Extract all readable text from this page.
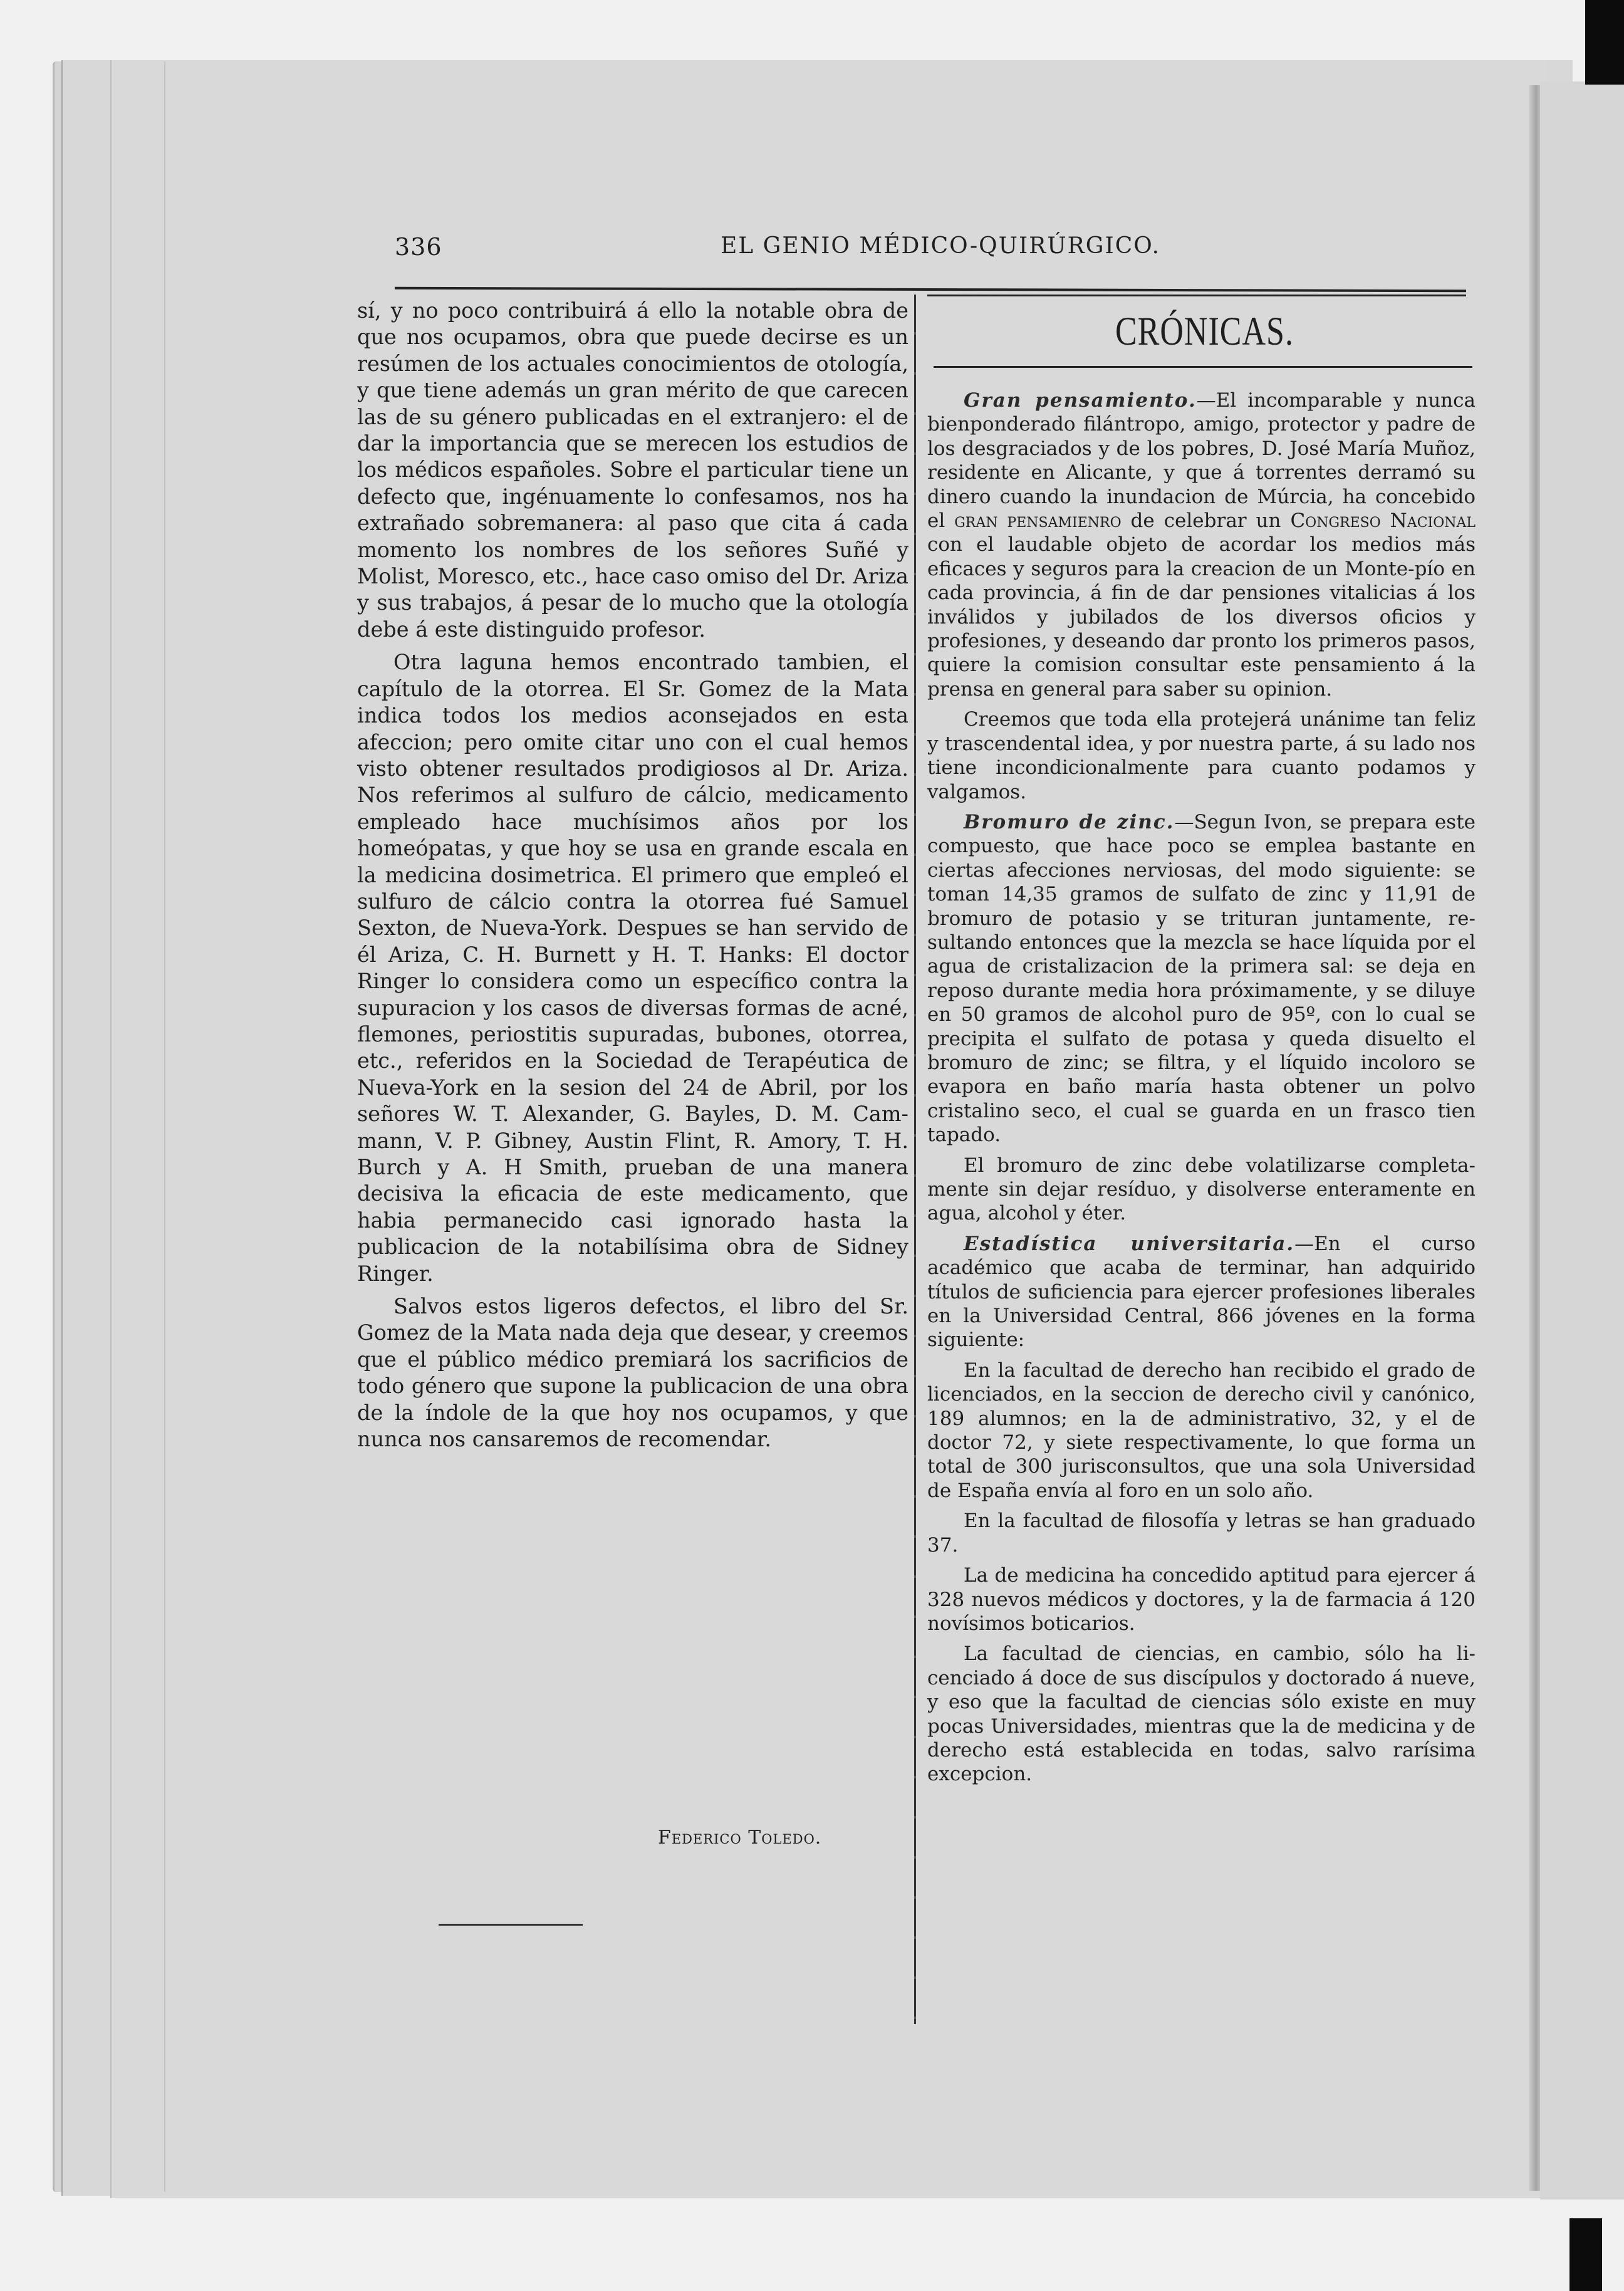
336	EL GENIO MÉDICO-QUIRÚRGICO.

sí, y no poco contribuirá á ello la notable obra de que nos ocupamos, obra que puede decirse es un resúmen de los actuales conocimientos de otología, y que tiene además un gran mérito de que carecen las de su género publicadas en el extranjero: el de dar la importancia que se merecen los estudios de los médicos españoles. Sobre el particular tiene un defecto que, ingénuamente lo confesamos, nos ha extrañado sobremanera: al paso que cita á cada momento los nombres de los señores Suñé y Molist, Moresco, etc., hace caso omiso del Dr. Ariza y sus trabajos, á pesar de lo mucho que la otología debe á este distinguido profesor.

Otra laguna hemos encontrado tambien, el capítulo de la otorrea. El Sr. Gomez de la Mata indica todos los medios aconsejados en esta afeccion; pero omite citar uno con el cual hemos visto obtener resultados prodigiosos al Dr. Ariza. Nos referimos al sulfuro de cálcio, medicamento empleado hace muchísimos años por los homeópatas, y que hoy se usa en grande escala en la medicina dosimetrica. El primero que empleó el sulfuro de cálcio contra la otorrea fué Samuel Sexton, de Nueva-York. Despues se han servido de él Ariza, C. H. Burnett y H. T. Hanks: El doctor Ringer lo considera como un específico contra la supuracion y los casos de diversas formas de acné, flemones, periostitis supuradas, bubones, otorrea, etc., referidos en la Sociedad de Terapéutica de Nueva-York en la sesion del 24 de Abril, por los señores W. T. Alexander, G. Bayles, D. M. Cammann, V. P. Gibney, Austin Flint, R. Amory, T. H. Burch y A. H Smith, prueban de una manera decisiva la eficacia de este medicamento, que habia permanecido casi ignorado hasta la publicacion de la notabilísima obra de Sidney Ringer.

Salvos estos ligeros defectos, el libro del Sr. Gomez de la Mata nada deja que desear, y creemos que el público médico premiará los sacrificios de todo género que supone la publicacion de una obra de la índole de la que hoy nos ocupamos, y que nunca nos cansaremos de recomendar.

Federico Toledo.
CRÓNICAS.

Gran pensamiento.—El incomparable y nunca bienponderado filántropo, amigo, protector y padre de los desgraciados y de los pobres, D. José María Muñoz, residente en Alicante, y que á torrentes derramó su dinero cuando la inundacion de Múrcia, ha concebido el gran pensamienro de celebrar un Congreso Nacional con el laudable objeto de acordar los medios más eficaces y seguros para la creacion de un Monte-pío en cada provincia, á fin de dar pensiones vitalicias á los inválidos y jubilados de los diversos oficios y profesiones, y deseando dar pronto los primeros pasos, quiere la comision consultar este pensamiento á la prensa en general para saber su opinion.

Creemos que toda ella protejerá unánime tan feliz y trascendental idea, y por nuestra parte, á su lado nos tiene incondicionalmente para cuanto podamos y valgamos.

Bromuro de zinc.—Segun Ivon, se prepara este compuesto, que hace poco se emplea bastante en ciertas afecciones nerviosas, del modo siguiente: se toman 14,35 gramos de sulfato de zinc y 11,91 de bromuro de potasio y se trituran juntamente, resultando entonces que la mezcla se hace líquida por el agua de cristalizacion de la primera sal: se deja en reposo durante media hora próximamente, y se diluye en 50 gramos de alcohol puro de 95º, con lo cual se precipita el sulfato de potasa y queda disuelto el bromuro de zinc; se filtra, y el líquido incoloro se evapora en baño maría hasta obtener un polvo cristalino seco, el cual se guarda en un frasco tien tapado.

El bromuro de zinc debe volatilizarse completamente sin dejar resíduo, y disolverse enteramente en agua, alcohol y éter.

Estadística universitaria.—En el curso académico que acaba de terminar, han adquirido títulos de suficiencia para ejercer profesiones liberales en la Universidad Central, 866 jóvenes en la forma siguiente:

En la facultad de derecho han recibido el grado de licenciados, en la seccion de derecho civil y canónico, 189 alumnos; en la de administrativo, 32, y el de doctor 72, y siete respectivamente, lo que forma un total de 300 jurisconsultos, que una sola Universidad de España envía al foro en un solo año.

En la facultad de filosofía y letras se han graduado 37.

La de medicina ha concedido aptitud para ejercer á 328 nuevos médicos y doctores, y la de farmacia á 120 novísimos boticarios.

La facultad de ciencias, en cambio, sólo ha licenciado á doce de sus discípulos y doctorado á nueve, y eso que la facultad de ciencias sólo existe en muy pocas Universidades, mientras que la de medicina y de derecho está establecida en todas, salvo rarísima excepcion.
